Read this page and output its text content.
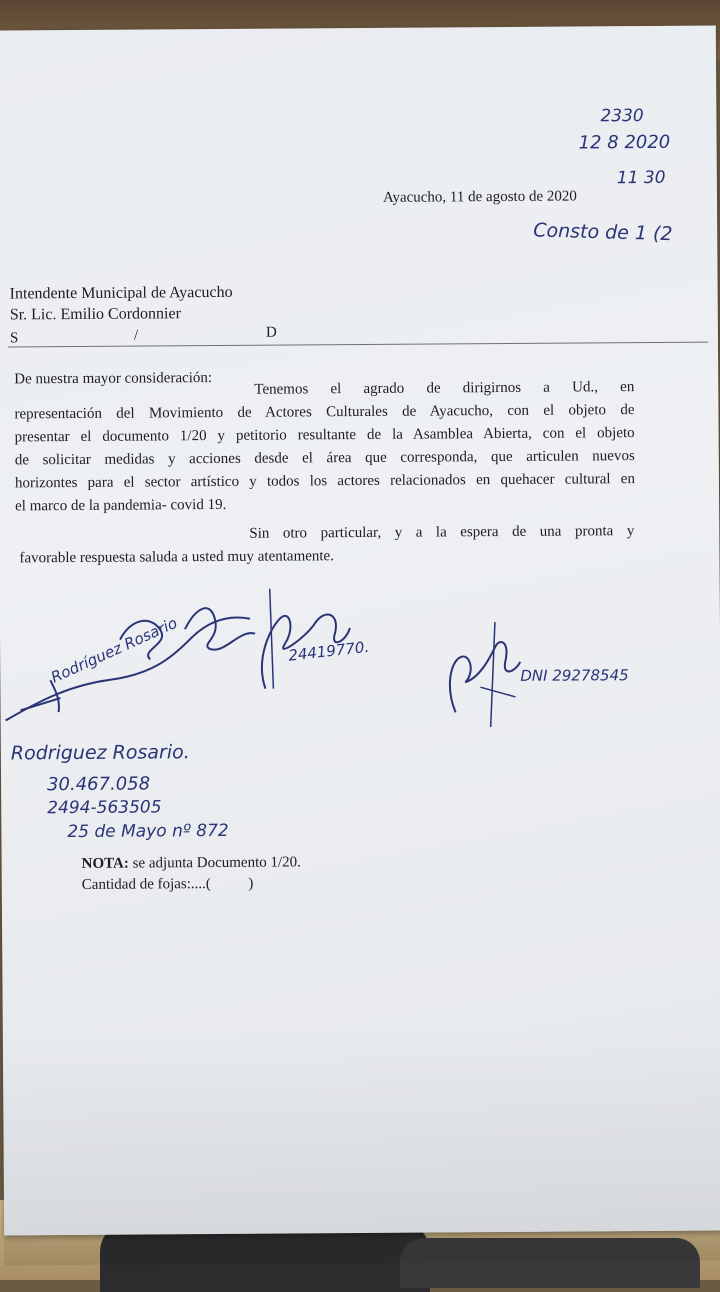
2330
12 8 2020
11 30
Consto de 1 (2
Ayacucho, 11 de agosto de 2020
Intendente Municipal de Ayacucho
Sr. Lic. Emilio Cordonnier
S	/	D
De nuestra mayor consideración:

Tenemos el agrado de dirigirnos a Ud., en

representación del Movimiento de Actores Culturales de Ayacucho, con el objeto de

presentar el documento 1/20 y petitorio resultante de la Asamblea Abierta, con el objeto

de solicitar medidas y acciones desde el área que corresponda, que articulen nuevos

horizontes para el sector artístico y todos los actores relacionados en quehacer cultural en

el marco de la pandemia- covid 19.

Sin otro particular, y a la espera de una pronta y

favorable respuesta saluda a usted muy atentamente.

Rodríguez Rosario	24419770.
DNI 29278545
Rodriguez Rosario.
30.467.058
2494-563505
25 de Mayo nº 872
NOTA: se adjunta Documento 1/20.
Cantidad de fojas:....(          )
